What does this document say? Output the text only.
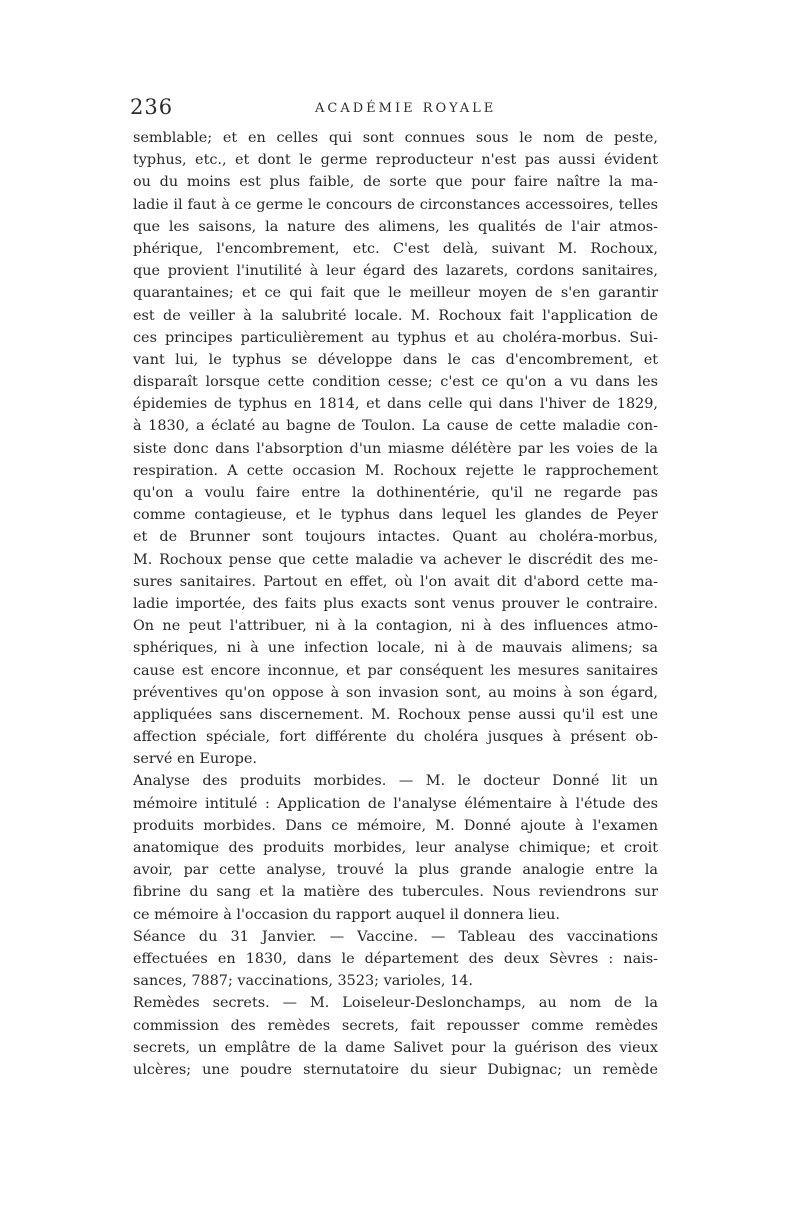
236	ACADÉMIE ROYALE
semblable; et en celles qui sont connues sous le nom de peste,
typhus, etc., et dont le germe reproducteur n'est pas aussi évident
ou du moins est plus faible, de sorte que pour faire naître la ma-
ladie il faut à ce germe le concours de circonstances accessoires, telles
que les saisons, la nature des alimens, les qualités de l'air atmos-
phérique, l'encombrement, etc. C'est delà, suivant M. Rochoux,
que provient l'inutilité à leur égard des lazarets, cordons sanitaires,
quarantaines; et ce qui fait que le meilleur moyen de s'en garantir
est de veiller à la salubrité locale. M. Rochoux fait l'application de
ces principes particulièrement au typhus et au choléra-morbus. Sui-
vant lui, le typhus se développe dans le cas d'encombrement, et
disparaît lorsque cette condition cesse; c'est ce qu'on a vu dans les
épidemies de typhus en 1814, et dans celle qui dans l'hiver de 1829,
à 1830, a éclaté au bagne de Toulon. La cause de cette maladie con-
siste donc dans l'absorption d'un miasme délétère par les voies de la
respiration. A cette occasion M. Rochoux rejette le rapprochement
qu'on a voulu faire entre la dothinentérie, qu'il ne regarde pas
comme contagieuse, et le typhus dans lequel les glandes de Peyer
et de Brunner sont toujours intactes. Quant au choléra-morbus,
M. Rochoux pense que cette maladie va achever le discrédit des me-
sures sanitaires. Partout en effet, où l'on avait dit d'abord cette ma-
ladie importée, des faits plus exacts sont venus prouver le contraire.
On ne peut l'attribuer, ni à la contagion, ni à des influences atmo-
sphériques, ni à une infection locale, ni à de mauvais alimens; sa
cause est encore inconnue, et par conséquent les mesures sanitaires
préventives qu'on oppose à son invasion sont, au moins à son égard,
appliquées sans discernement. M. Rochoux pense aussi qu'il est une
affection spéciale, fort différente du choléra jusques à présent ob-
servé en Europe.
Analyse des produits morbides. — M. le docteur Donné lit un
mémoire intitulé : Application de l'analyse élémentaire à l'étude des
produits morbides. Dans ce mémoire, M. Donné ajoute à l'examen
anatomique des produits morbides, leur analyse chimique; et croit
avoir, par cette analyse, trouvé la plus grande analogie entre la
fibrine du sang et la matière des tubercules. Nous reviendrons sur
ce mémoire à l'occasion du rapport auquel il donnera lieu.
Séance du 31 Janvier. — Vaccine. — Tableau des vaccinations
effectuées en 1830, dans le département des deux Sèvres : nais-
sances, 7887; vaccinations, 3523; varioles, 14.
Remèdes secrets. — M. Loiseleur-Deslonchamps, au nom de la
commission des remèdes secrets, fait repousser comme remèdes
secrets, un emplâtre de la dame Salivet pour la guérison des vieux
ulcères; une poudre sternutatoire du sieur Dubignac; un remède
